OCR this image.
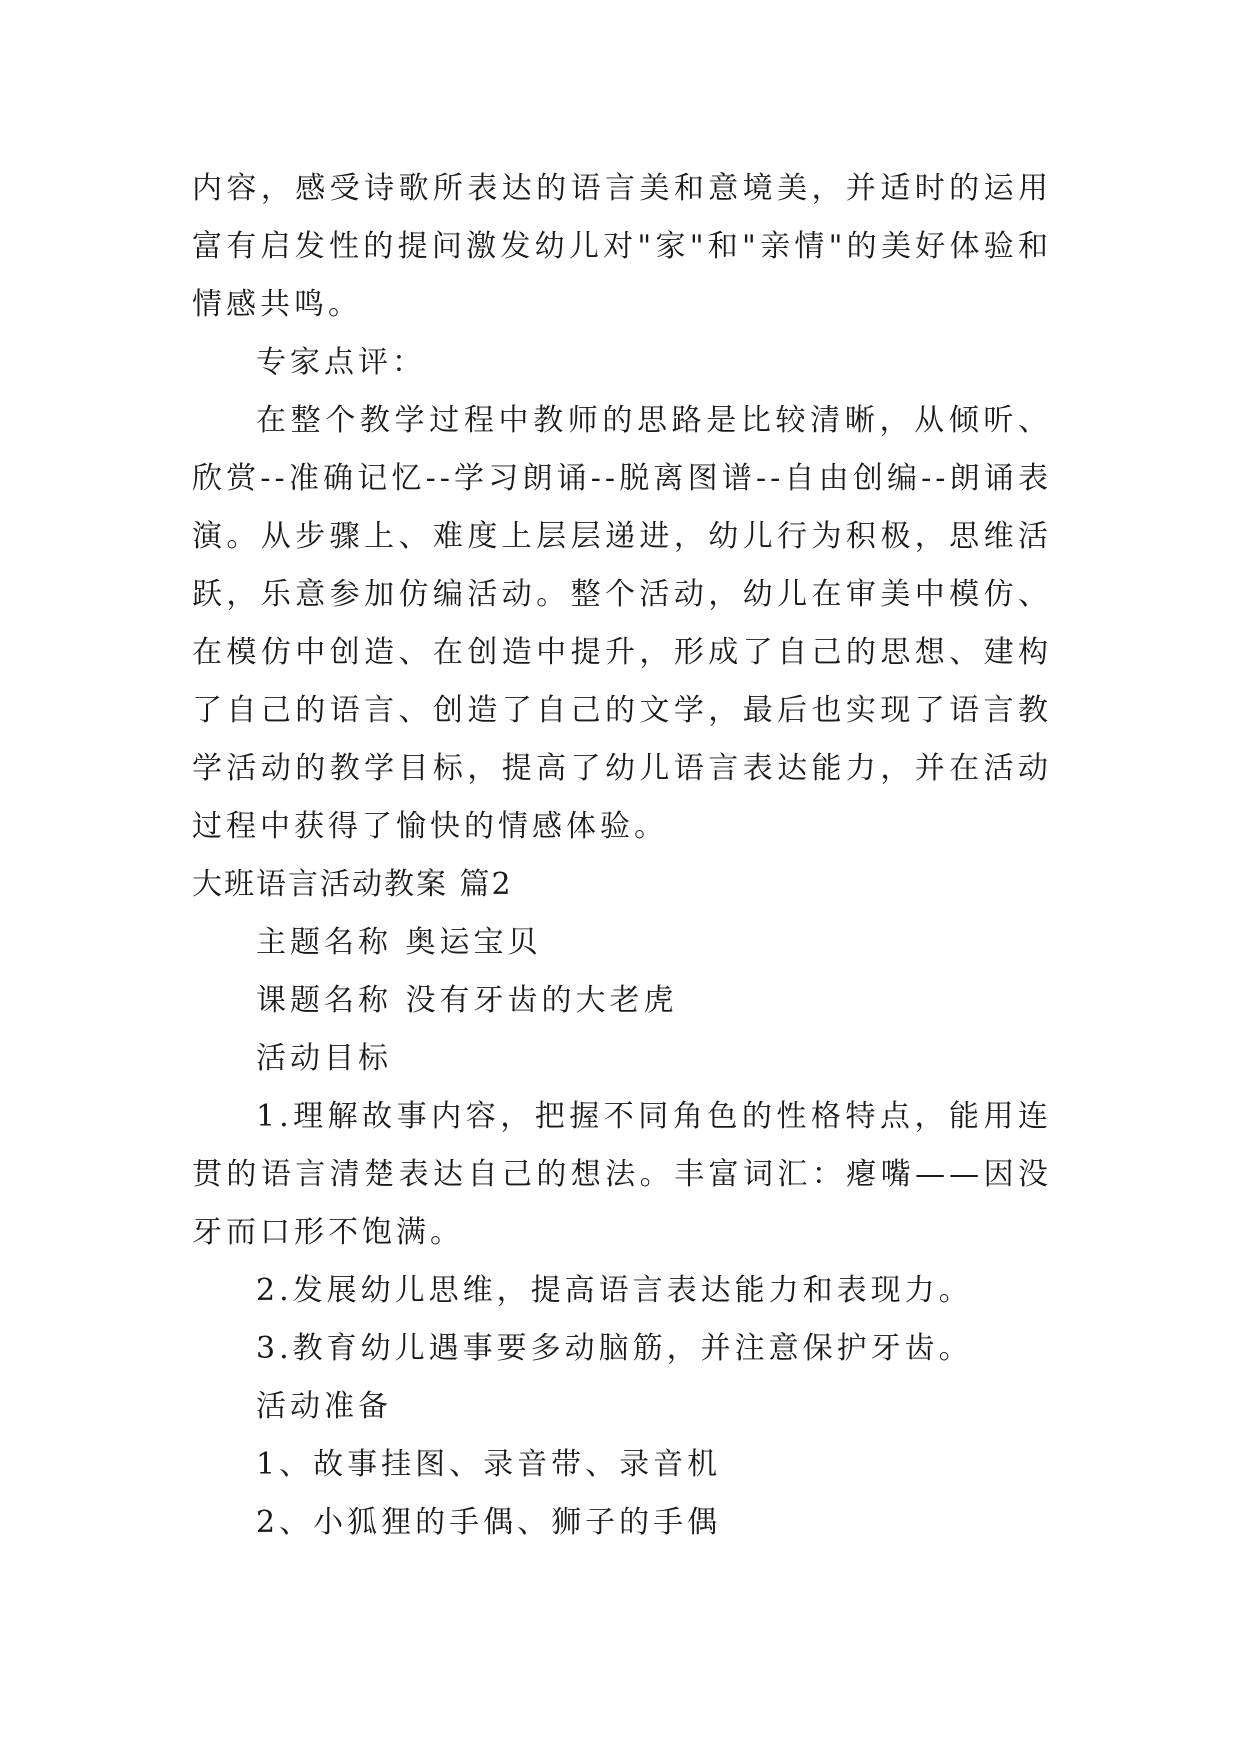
内容，感受诗歌所表达的语言美和意境美，并适时的运用富有启发性的提问激发幼儿对"家"和"亲情"的美好体验和情感共鸣。

专家点评：

在整个教学过程中教师的思路是比较清晰，从倾听、欣赏--准确记忆--学习朗诵--脱离图谱--自由创编--朗诵表演。从步骤上、难度上层层递进，幼儿行为积极，思维活跃，乐意参加仿编活动。整个活动，幼儿在审美中模仿、在模仿中创造、在创造中提升，形成了自己的思想、建构了自己的语言、创造了自己的文学，最后也实现了语言教学活动的教学目标，提高了幼儿语言表达能力，并在活动过程中获得了愉快的情感体验。

大班语言活动教案 篇2

主题名称 奥运宝贝

课题名称 没有牙齿的大老虎

活动目标

1.理解故事内容，把握不同角色的性格特点，能用连贯的语言清楚表达自己的想法。丰富词汇：瘪嘴——因没牙而口形不饱满。

2.发展幼儿思维，提高语言表达能力和表现力。

3.教育幼儿遇事要多动脑筋，并注意保护牙齿。

活动准备

1、故事挂图、录音带、录音机

2、小狐狸的手偶、狮子的手偶
